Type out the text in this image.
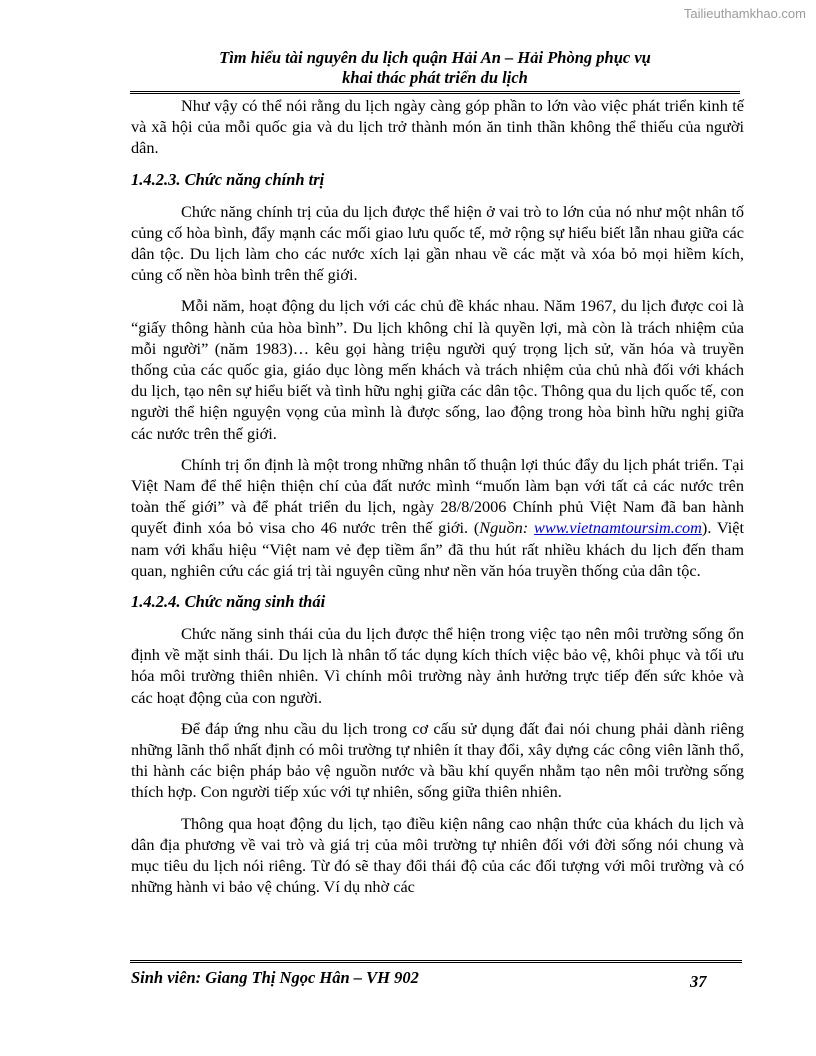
Tailieuthamkhao.com
Tìm hiểu tài nguyên du lịch quận Hải An – Hải Phòng phục vụ
khai thác phát triển du lịch

Như vậy có thể nói rằng du lịch ngày càng góp phần to lớn vào việc phát triển kinh tế và xã hội của mỗi quốc gia và du lịch trở thành món ăn tinh thần không thể thiếu của người dân.

1.4.2.3. Chức năng chính trị

Chức năng chính trị của du lịch được thể hiện ở vai trò to lớn của nó như một nhân tố củng cố hòa bình, đẩy mạnh các mối giao lưu quốc tế, mở rộng sự hiểu biết lẫn nhau giữa các dân tộc. Du lịch làm cho các nước xích lại gần nhau về các mặt và xóa bỏ mọi hiềm kích, củng cố nền hòa bình trên thế giới.

Mỗi năm, hoạt động du lịch với các chủ đề khác nhau. Năm 1967, du lịch được coi là “giấy thông hành của hòa bình”. Du lịch không chỉ là quyền lợi, mà còn là trách nhiệm của mỗi người” (năm 1983)… kêu gọi hàng triệu người quý trọng lịch sử, văn hóa và truyền thống của các quốc gia, giáo dục lòng mến khách và trách nhiệm của chủ nhà đối với khách du lịch, tạo nên sự hiểu biết và tình hữu nghị giữa các dân tộc. Thông qua du lịch quốc tế, con người thể hiện nguyện vọng của mình là được sống, lao động trong hòa bình hữu nghị giữa các nước trên thế giới.

Chính trị ổn định là một trong những nhân tố thuận lợi thúc đẩy du lịch phát triển. Tại Việt Nam để thể hiện thiện chí của đất nước mình “muốn làm bạn với tất cả các nước trên toàn thế giới” và để phát triển du lịch, ngày 28/8/2006 Chính phủ Việt Nam đã ban hành quyết đinh xóa bỏ visa cho 46 nước trên thế giới. (Nguồn: www.vietnamtoursim.com). Việt nam với khẩu hiệu “Việt nam vẻ đẹp tiềm ẩn” đã thu hút rất nhiều khách du lịch đến tham quan, nghiên cứu các giá trị tài nguyên cũng như nền văn hóa truyền thống của dân tộc.

1.4.2.4. Chức năng sinh thái

Chức năng sinh thái của du lịch được thể hiện trong việc tạo nên môi trường sống ổn định về mặt sinh thái. Du lịch là nhân tố tác dụng kích thích việc bảo vệ, khôi phục và tối ưu hóa môi trường thiên nhiên. Vì chính môi trường này ảnh hưởng trực tiếp đến sức khỏe và các hoạt động của con người.

Để đáp ứng nhu cầu du lịch trong cơ cấu sử dụng đất đai nói chung phải dành riêng những lãnh thổ nhất định có môi trường tự nhiên ít thay đổi, xây dựng các công viên lãnh thổ, thi hành các biện pháp bảo vệ nguồn nước và bầu khí quyển nhằm tạo nên môi trường sống thích hợp. Con người tiếp xúc với tự nhiên, sống giữa thiên nhiên.

Thông qua hoạt động du lịch, tạo điều kiện nâng cao nhận thức của khách du lịch và dân địa phương về vai trò và giá trị của môi trường tự nhiên đối với đời sống nói chung và mục tiêu du lịch nói riêng. Từ đó sẽ thay đổi thái độ của các đối tượng với môi trường và có những hành vi bảo vệ chúng. Ví dụ nhờ các

Sinh viên: Giang Thị Ngọc Hân – VH 902	37
